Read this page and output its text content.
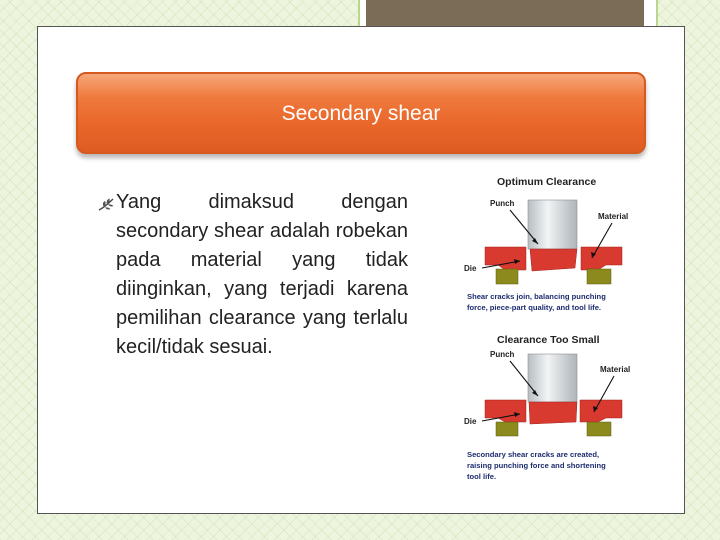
Secondary shear

Yang dimaksud dengan secondary shear adalah robekan pada material yang tidak diinginkan, yang terjadi karena pemilihan clearance yang terlalu kecil/tidak sesuai.

Optimum Clearance
Punch
Material
Die
Shear cracks join, balancing punching
force, piece-part quality, and tool life.
Clearance Too Small
Punch
Material
Die
Secondary shear cracks are created,
raising punching force and shortening
tool life.
